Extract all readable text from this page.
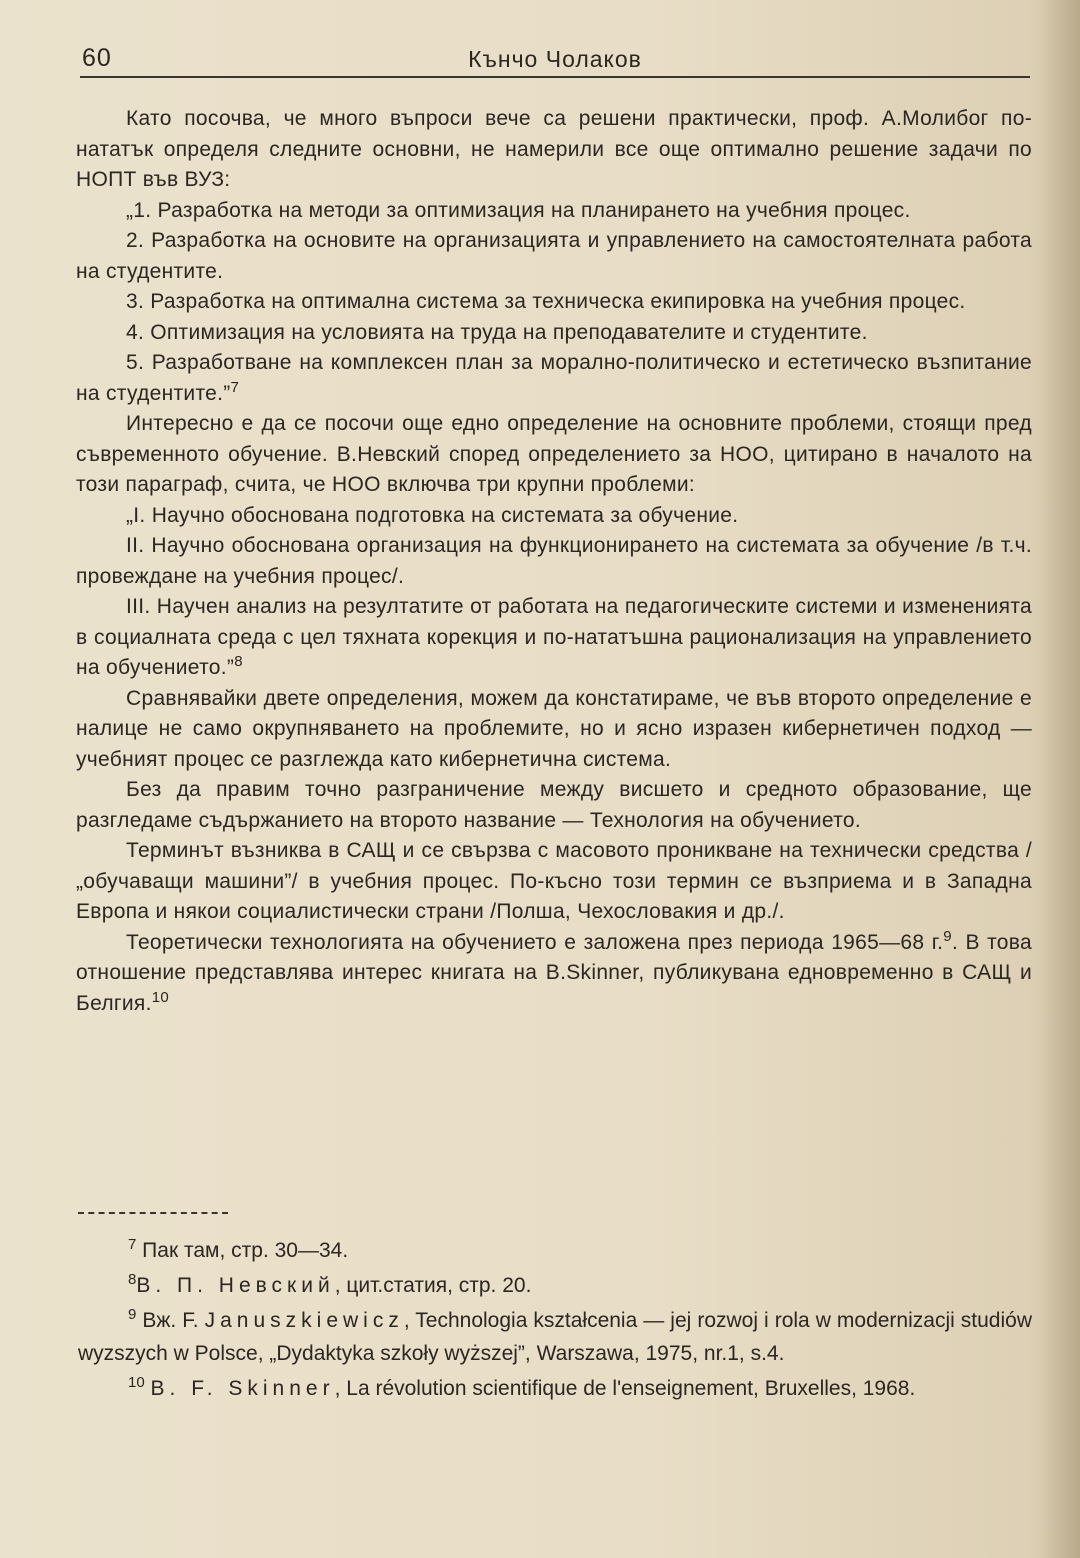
60	Кънчо Чолаков

Като посочва, че много въпроси вече са решени практически, проф. А.Молибог по-нататък определя следните основни, не намерили все още оптимално решение задачи по НОПТ във ВУЗ:

„1. Разработка на методи за оптимизация на планирането на учебния процес.

2. Разработка на основите на организацията и управлението на самостоятелната работа на студентите.

3. Разработка на оптимална система за техническа екипировка на учебния процес.

4. Оптимизация на условията на труда на преподавателите и студентите.

5. Разработване на комплексен план за морално-политическо и естетическо възпитание на студентите.”$^7$

Интересно е да се посочи още едно определение на основните проблеми, стоящи пред съвременното обучение. В.Невский според определението за НОО, цитирано в началото на този параграф, счита, че НОО включва три крупни проблеми:

„I. Научно обоснована подготовка на системата за обучение.

II. Научно обоснована организация на функционирането на системата за обучение /в т.ч. провеждане на учебния процес/.

III. Научен анализ на резултатите от работата на педагогическите системи и измененията в социалната среда с цел тяхната корекция и по-нататъшна рационализация на управлението на обучението.”$^8$

Сравнявайки двете определения, можем да констатираме, че във второто определение е налице не само окрупняването на проблемите, но и ясно изразен кибернетичен подход — учебният процес се разглежда като кибернетична система.

Без да правим точно разграничение между висшето и средното образование, ще разгледаме съдържанието на второто название — Технология на обучението.

Терминът възниква в САЩ и се свързва с масовото проникване на технически средства /„обучаващи машини”/ в учебния процес. По-късно този термин се възприема и в Западна Европа и някои социалистически страни /Полша, Чехословакия и др./.

Теоретически технологията на обучението е заложена през периода 1965—68 г.$^9$. В това отношение представлява интерес книгата на B.Skinner, публикувана едновременно в САЩ и Белгия.$^{10}$

$^7$ Пак там, стр. 30—34.

$^8$В. П. Невский, цит.статия, стр. 20.

$^9$ Вж. F. Januszkiewicz, Technologia kształcenia — jej rozwoj i rola w modernizacji studiów wyzszych w Polsce, „Dydaktyka szkoły wyższej”, Warszawa, 1975, nr.1, s.4.

$^{10}$ B. F. Skinner, La révolution scientifique de l'enseignement, Bruxelles, 1968.
